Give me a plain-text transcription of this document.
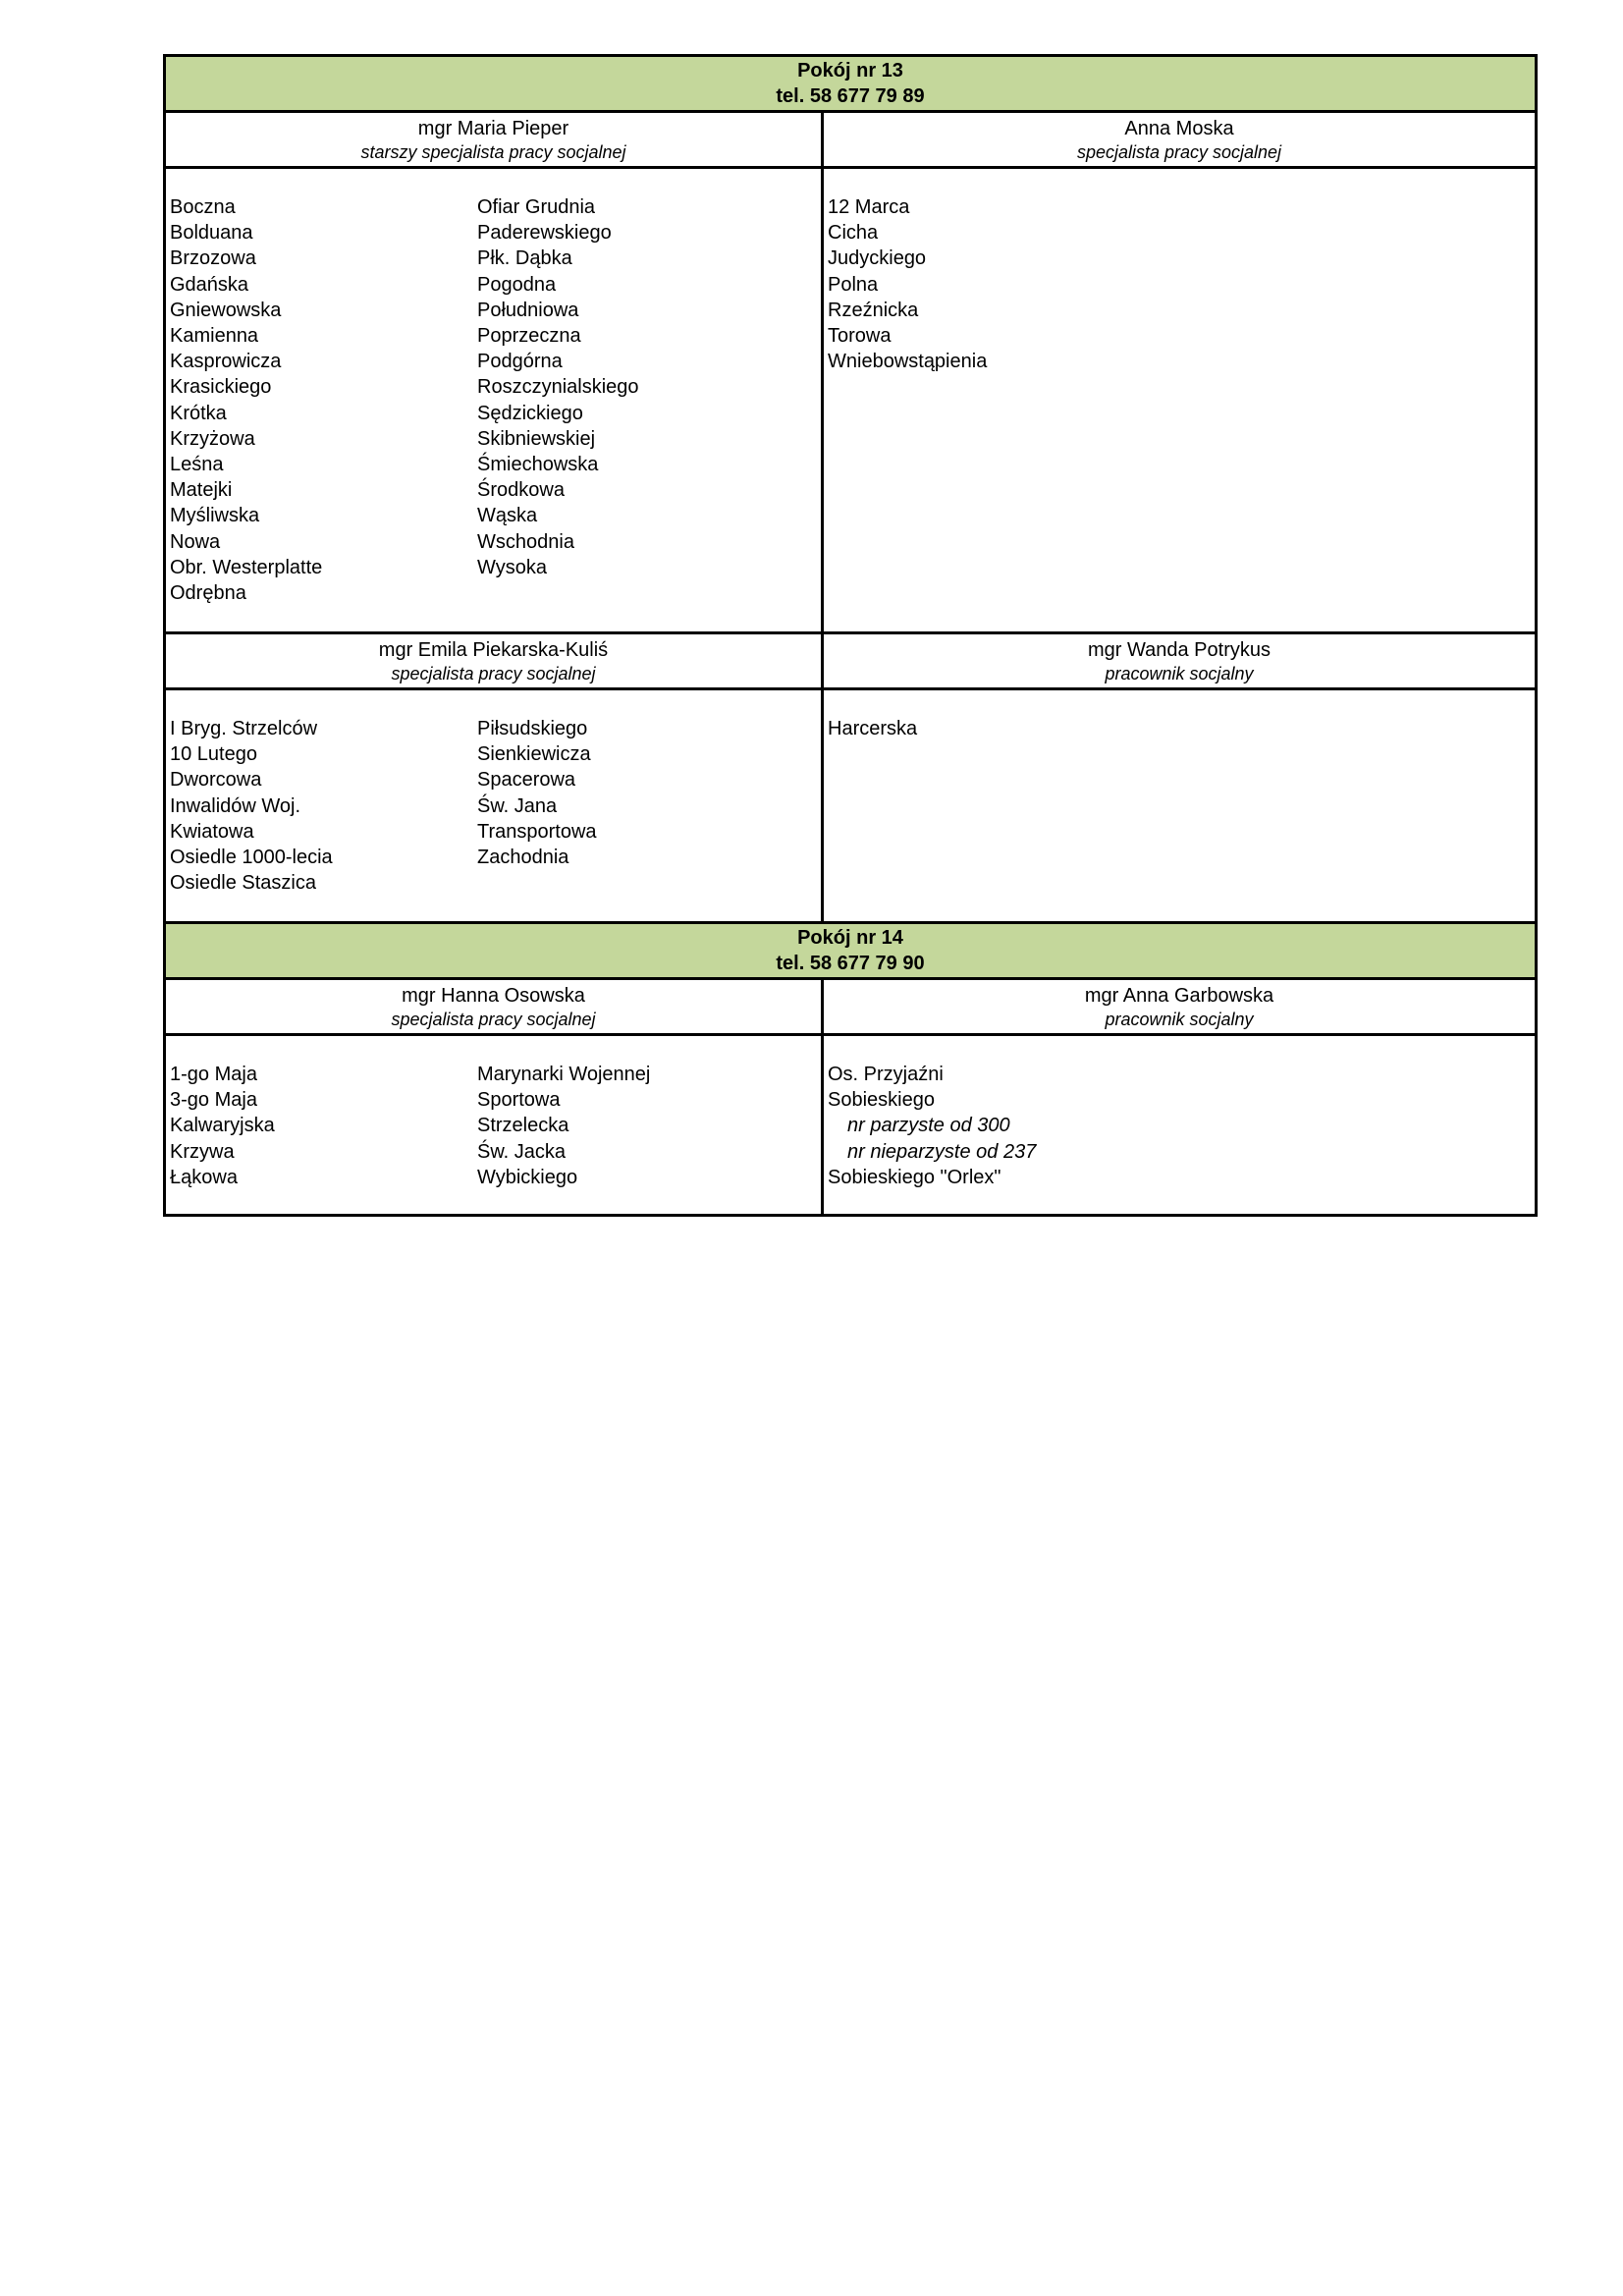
Pokój nr 13
tel. 58 677 79 89
mgr Maria Pieper
starszy specjalista pracy socjalnej
Anna Moska
specjalista pracy socjalnej
Boczna
Bolduana
Brzozowa
Gdańska
Gniewowska
Kamienna
Kasprowicza
Krasickiego
Krótka
Krzyżowa
Leśna
Matejki
Myśliwska
Nowa
Obr. Westerplatte
Odrębna
Ofiar Grudnia
Paderewskiego
Płk. Dąbka
Pogodna
Południowa
Poprzeczna
Podgórna
Roszczynialskiego
Sędzickiego
Skibniewskiej
Śmiechowska
Środkowa
Wąska
Wschodnia
Wysoka
12 Marca
Cicha
Judyckiego
Polna
Rzeźnicka
Torowa
Wniebowstąpienia
mgr Emila Piekarska-Kuliś
specjalista pracy socjalnej
mgr Wanda Potrykus
pracownik socjalny
I Bryg. Strzelców
10 Lutego
Dworcowa
Inwalidów Woj.
Kwiatowa
Osiedle 1000-lecia
Osiedle Staszica
Piłsudskiego
Sienkiewicza
Spacerowa
Św. Jana
Transportowa
Zachodnia
Harcerska
Pokój nr 14
tel. 58 677 79 90
mgr Hanna Osowska
specjalista pracy socjalnej
mgr Anna Garbowska
pracownik socjalny
1-go Maja
3-go Maja
Kalwaryjska
Krzywa
Łąkowa
Marynarki Wojennej
Sportowa
Strzelecka
Św. Jacka
Wybickiego
Os. Przyjaźni
Sobieskiego
nr parzyste od 300
nr nieparzyste od 237
Sobieskiego "Orlex"
